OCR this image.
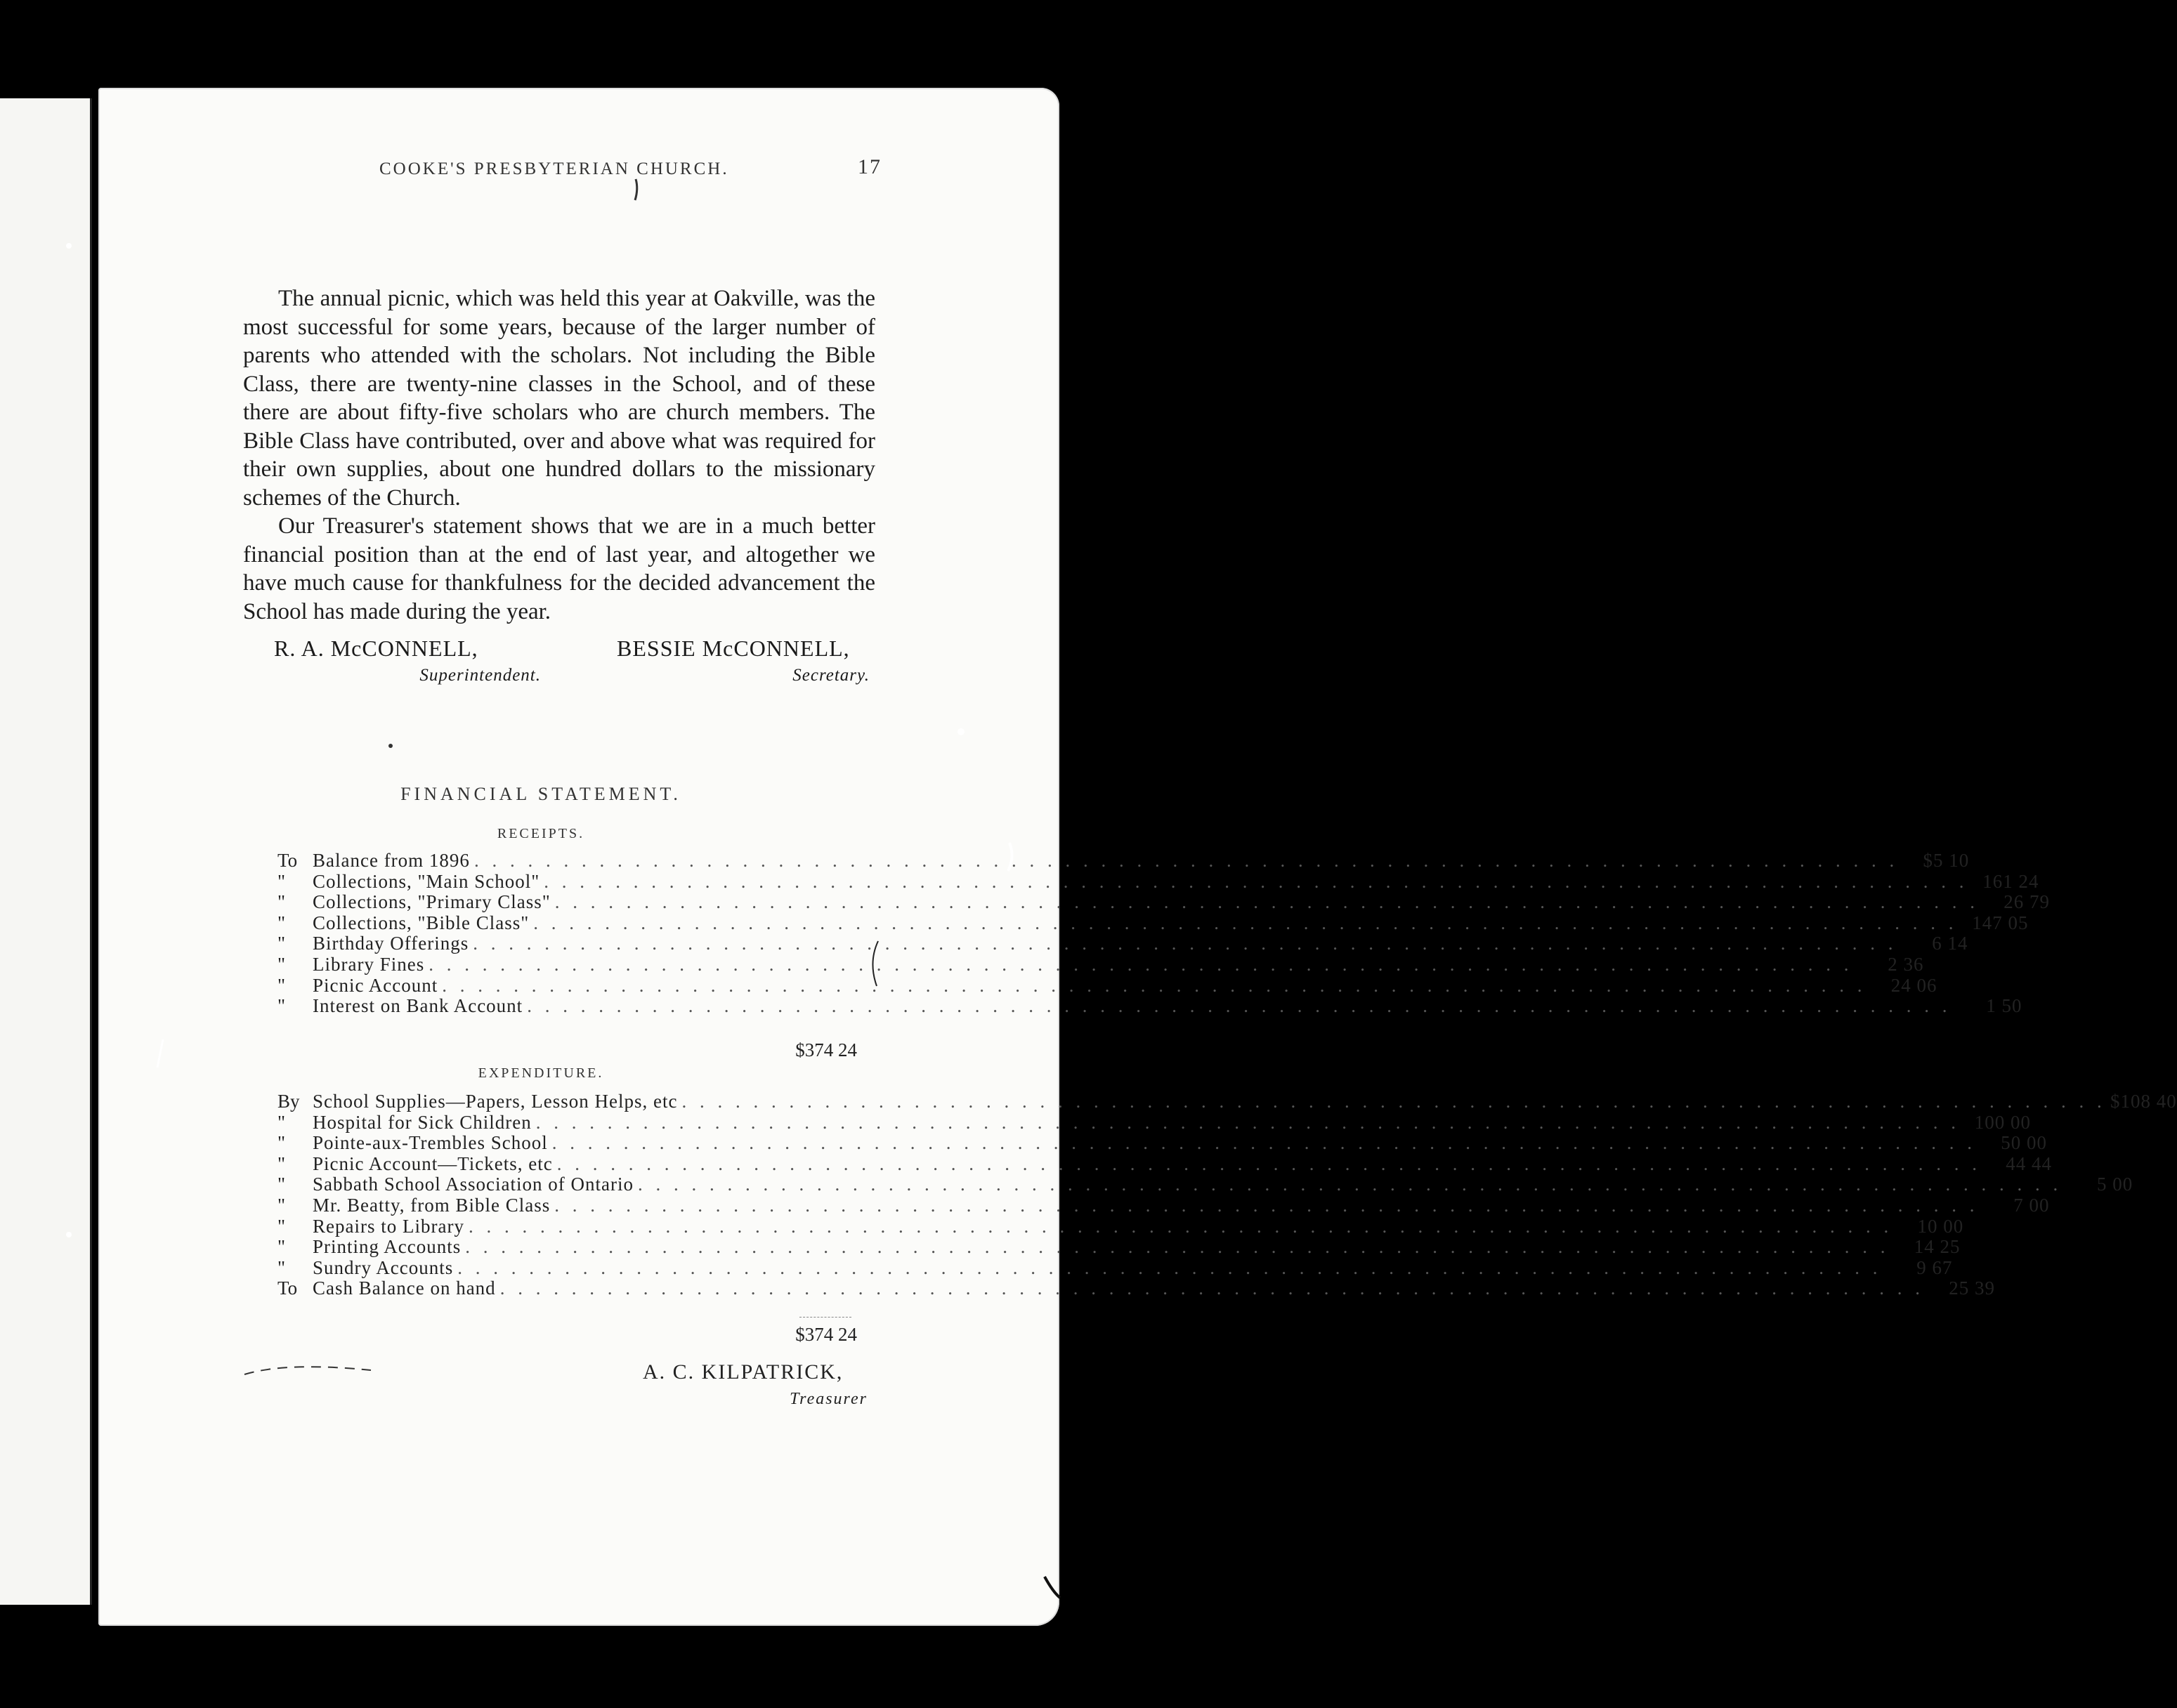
COOKE'S PRESBYTERIAN CHURCH.	17

The annual picnic, which was held this year at Oakville, was the most successful for some years, because of the larger number of parents who attended with the scholars. Not including the Bible Class, there are twenty-nine classes in the School, and of these there are about fifty-five scholars who are church members. The Bible Class have contributed, over and above what was required for their own supplies, about one hundred dollars to the missionary schemes of the Church.

Our Treasurer's statement shows that we are in a much better financial position than at the end of last year, and altogether we have much cause for thankfulness for the decided advancement the School has made during the year.

R. A. McCONNELL,
Superintendent.
BESSIE McCONNELL,
Secretary.
FINANCIAL STATEMENT.
RECEIPTS.
To Balance from 1896 . . . . . . . . . . . . . . . . . . . . . . . . . . . . . . . . . . . . . . . . . . . . . . . . . . . . . . . . . . . . . . . . . . . . . . . . . . . . . . . .	$5 10
"	Collections, "Main School" . . . . . . . . . . . . . . . . . . . . . . . . . . . . . . . . . . . . . . . . . . . . . . . . . . . . . . . . . . . . . . . . . . . . . . . . . . . . . . . . 161 24
"	Collections, "Primary Class" . . . . . . . . . . . . . . . . . . . . . . . . . . . . . . . . . . . . . . . . . . . . . . . . . . . . . . . . . . . . . . . . . . . . . . . . . . . . . . . .	26 79
"	Collections, "Bible Class" . . . . . . . . . . . . . . . . . . . . . . . . . . . . . . . . . . . . . . . . . . . . . . . . . . . . . . . . . . . . . . . . . . . . . . . . . . . . . . . . 147 05
"	Birthday Offerings . . . . . . . . . . . . . . . . . . . . . . . . . . . . . . . . . . . . . . . . . . . . . . . . . . . . . . . . . . . . . . . . . . . . . . . . . . . . . . . .	6 14
"	Library Fines . . . . . . . . . . . . . . . . . . . . . . . . . . . . . . . . . . . . . . . . . . . . . . . . . . . . . . . . . . . . . . . . . . . . . . . . . . . . . . . .	2 36
"	Picnic Account . . . . . . . . . . . . . . . . . . . . . . . . . . . . . . . . . . . . . . . . . . . . . . . . . . . . . . . . . . . . . . . . . . . . . . . . . . . . . . . .	24 06
"	Interest on Bank Account . . . . . . . . . . . . . . . . . . . . . . . . . . . . . . . . . . . . . . . . . . . . . . . . . . . . . . . . . . . . . . . . . . . . . . . . . . . . . . . .	1 50
$374 24
EXPENDITURE.
By School Supplies—Papers, Lesson Helps, etc . . . . . . . . . . . . . . . . . . . . . . . . . . . . . . . . . . . . . . . . . . . . . . . . . . . . . . . . . . . . . . . . . . . . . . . . . . . . . . . . $108 40
"	Hospital for Sick Children . . . . . . . . . . . . . . . . . . . . . . . . . . . . . . . . . . . . . . . . . . . . . . . . . . . . . . . . . . . . . . . . . . . . . . . . . . . . . . . . 100 00
"	Pointe-aux-Trembles School . . . . . . . . . . . . . . . . . . . . . . . . . . . . . . . . . . . . . . . . . . . . . . . . . . . . . . . . . . . . . . . . . . . . . . . . . . . . . . . .	50 00
"	Picnic Account—Tickets, etc . . . . . . . . . . . . . . . . . . . . . . . . . . . . . . . . . . . . . . . . . . . . . . . . . . . . . . . . . . . . . . . . . . . . . . . . . . . . . . . .	44 44
"	Sabbath School Association of Ontario . . . . . . . . . . . . . . . . . . . . . . . . . . . . . . . . . . . . . . . . . . . . . . . . . . . . . . . . . . . . . . . . . . . . . . . . . . . . . . . .	5 00
"	Mr. Beatty, from Bible Class . . . . . . . . . . . . . . . . . . . . . . . . . . . . . . . . . . . . . . . . . . . . . . . . . . . . . . . . . . . . . . . . . . . . . . . . . . . . . . . .	7 00
"	Repairs to Library . . . . . . . . . . . . . . . . . . . . . . . . . . . . . . . . . . . . . . . . . . . . . . . . . . . . . . . . . . . . . . . . . . . . . . . . . . . . . . . .	10 00
"	Printing Accounts . . . . . . . . . . . . . . . . . . . . . . . . . . . . . . . . . . . . . . . . . . . . . . . . . . . . . . . . . . . . . . . . . . . . . . . . . . . . . . . .	14 25
"	Sundry Accounts . . . . . . . . . . . . . . . . . . . . . . . . . . . . . . . . . . . . . . . . . . . . . . . . . . . . . . . . . . . . . . . . . . . . . . . . . . . . . . . .	9 67
To Cash Balance on hand . . . . . . . . . . . . . . . . . . . . . . . . . . . . . . . . . . . . . . . . . . . . . . . . . . . . . . . . . . . . . . . . . . . . . . . . . . . . . . . .	25 39
$374 24
A. C. KILPATRICK,
Treasurer
